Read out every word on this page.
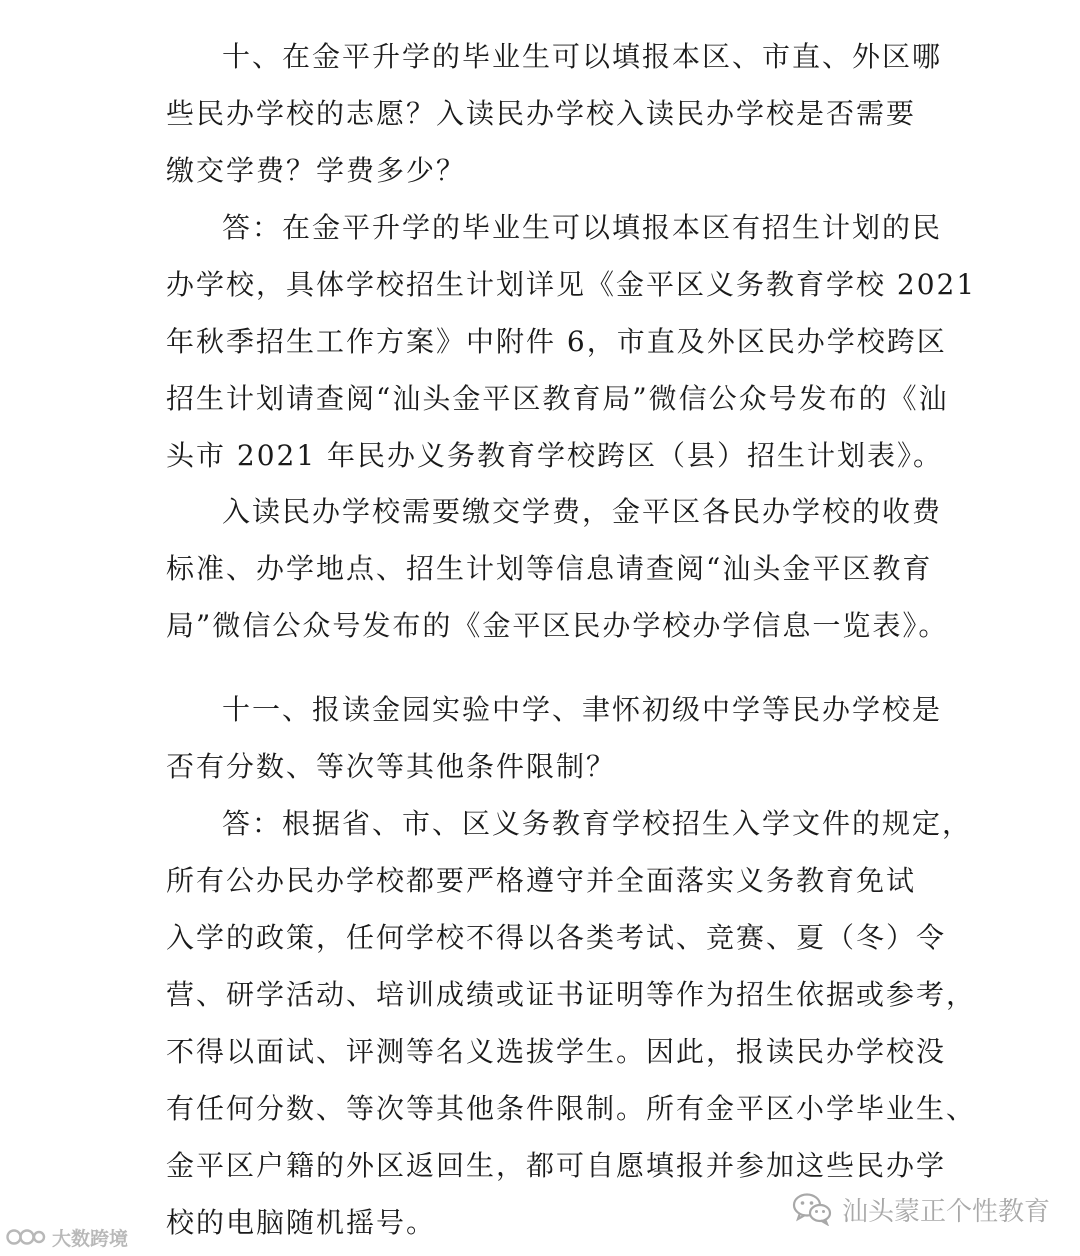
十、在金平升学的毕业生可以填报本区、市直、外区哪
些民办学校的志愿？入读民办学校入读民办学校是否需要
缴交学费？学费多少？

答：在金平升学的毕业生可以填报本区有招生计划的民
办学校，具体学校招生计划详见《金平区义务教育学校 2021
年秋季招生工作方案》中附件 6，市直及外区民办学校跨区
招生计划请查阅“汕头金平区教育局”微信公众号发布的《汕
头市 2021 年民办义务教育学校跨区（县）招生计划表》。

入读民办学校需要缴交学费，金平区各民办学校的收费
标准、办学地点、招生计划等信息请查阅“汕头金平区教育
局”微信公众号发布的《金平区民办学校办学信息一览表》。

十一、报读金园实验中学、聿怀初级中学等民办学校是
否有分数、等次等其他条件限制？

答：根据省、市、区义务教育学校招生入学文件的规定，
所有公办民办学校都要严格遵守并全面落实义务教育免试
入学的政策，任何学校不得以各类考试、竞赛、夏（冬）令
营、研学活动、培训成绩或证书证明等作为招生依据或参考，
不得以面试、评测等名义选拔学生。因此，报读民办学校没
有任何分数、等次等其他条件限制。所有金平区小学毕业生、
金平区户籍的外区返回生，都可自愿填报并参加这些民办学
校的电脑随机摇号。	汕头蒙正个性教育
大数跨境
